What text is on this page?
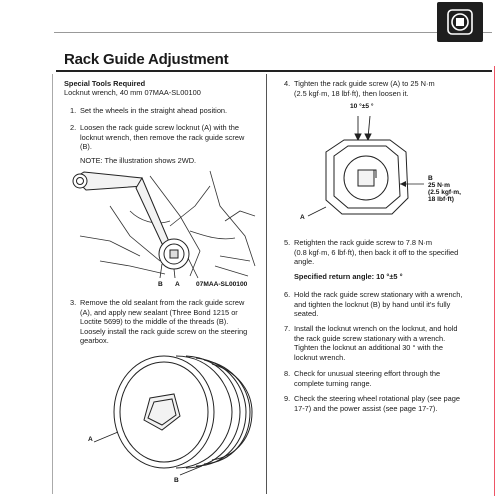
Rack Guide Adjustment
Special Tools Required
Locknut wrench, 40 mm 07MAA-SL00100
1. Set the wheels in the straight ahead position.
2. Loosen the rack guide screw locknut (A) with the
locknut wrench, then remove the rack guide screw
(B).
NOTE: The illustration shows 2WD.
B A 07MAA-SL00100
3. Remove the old sealant from the rack guide screw
(A), and apply new sealant (Three Bond 1215 or
Loctite 5699) to the middle of the threads (B).
Loosely install the rack guide screw on the steering
gearbox.
A
B
4. Tighten the rack guide screw (A) to 25 N·m
(2.5 kgf·m, 18 lbf·ft), then loosen it.
10 °±5 °
A
B
25 N·m
(2.5 kgf·m,
18 lbf·ft)
5. Retighten the rack guide screw to 7.8 N·m
(0.8 kgf·m, 6 lbf·ft), then back it off to the specified
angle.
Specified return angle: 10 °±5 °
6. Hold the rack guide screw stationary with a wrench,
and tighten the locknut (B) by hand until it's fully
seated.
7. Install the locknut wrench on the locknut, and hold
the rack guide screw stationary with a wrench.
Tighten the locknut an additional 30 ° with the
locknut wrench.
8. Check for unusual steering effort through the
complete turning range.
9. Check the steering wheel rotational play (see page
17-7) and the power assist (see page 17-7).
